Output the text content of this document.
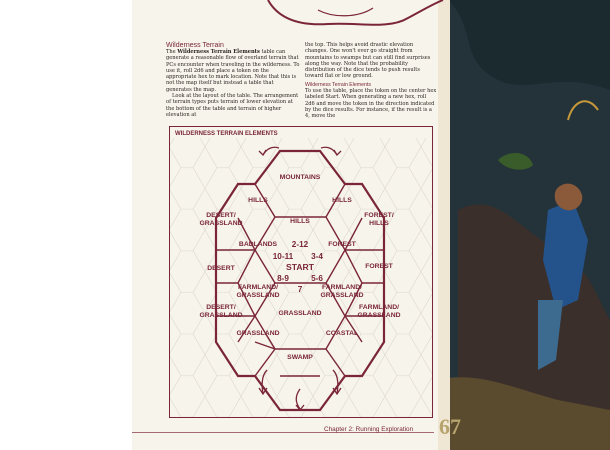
Wilderness Terrain

The Wilderness Terrain Elements table can generate a reasonable flow of overland terrain that PCs encounter when traveling in the wilderness. To use it, roll 2d6 and place a token on the appropriate hex to mark location. Note that this is not the map itself but instead a table that generates the map.

Look at the layout of the table. The arrangement of terrain types puts terrain of lower elevation at the bottom of the table and terrain of higher elevation at

the top. This helps avoid drastic elevation changes. One won't ever go straight from mountains to swamps but can still find surprises along the way. Note that the probability distribution of the dice tends to push results toward flat or low ground.

Wilderness Terrain Elements

To use the table, place the token on the center hex labeled Start. When generating a new hex, roll 2d6 and move the token in the direction indicated by the dice results. For instance, if the result is a 4, move the

WILDERNESS TERRAIN ELEMENTS
MOUNTAINS
HILLS	HILLS
HILLS
DESERT/
GRASSLAND
FOREST/
HILLS
BADLANDS	FOREST
DESERT	FOREST
FARMLAND/
GRASSLAND
FARMLAND/
GRASSLAND
DESERT/
GRASSLAND
FARMLAND/
GRASSLAND
GRASSLAND
GRASSLAND	COASTAL
SWAMP
2-12
10-11 3-4
START
5-6
8-9
7
Chapter 2: Running Exploration 67
